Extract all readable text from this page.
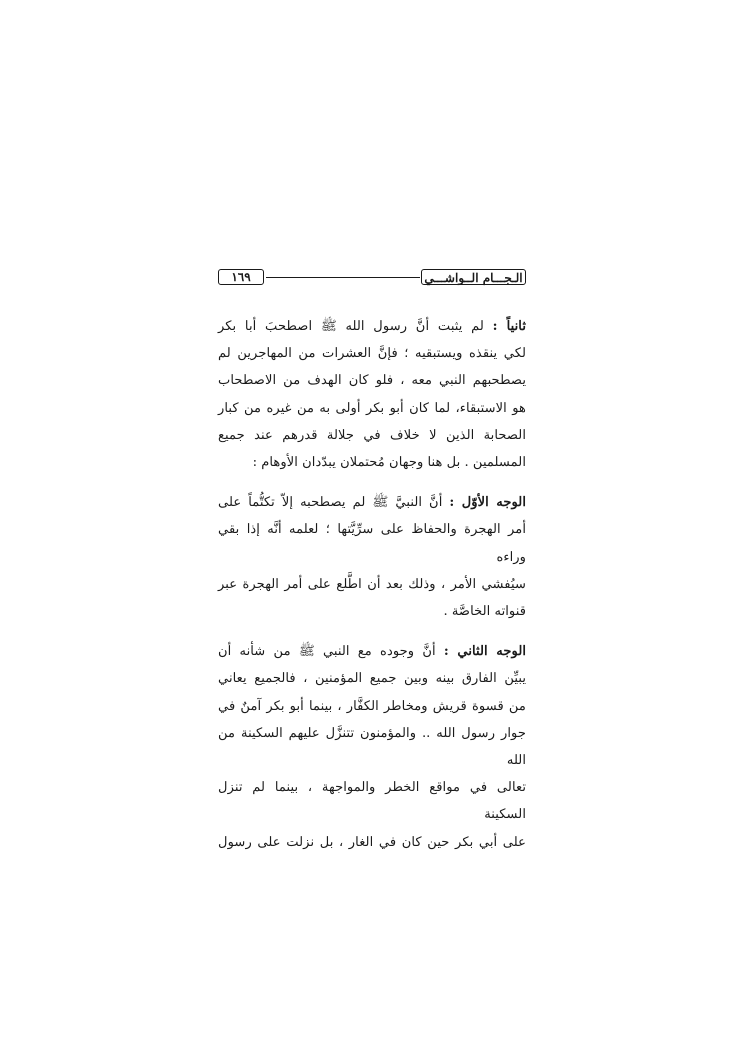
الـجـــام الــواشـــي
١٦٩

ثانياً : لم يثبت أنَّ رسول الله ﷺ اصطحبَ أبا بكر
لكي ينقذه ويستبقيه ؛ فإنَّ العشرات من المهاجرين لم
يصطحبهم النبي معه ، فلو كان الهدف من الاصطحاب
هو الاستبقاء، لما كان أبو بكر أولى به من غيره من كبار
الصحابة الذين لا خلاف في جلالة قدرهم عند جميع
المسلمين . بل هنا وجهان مُحتملان يبدّدان الأوهام :

الوجه الأوّل : أنَّ النبيَّ ﷺ لم يصطحبه إلاّ تكتُّماً على
أمر الهجرة والحفاظ على سرِّيَّتها ؛ لعلمه أنَّه إذا بقي وراءه
سيُفشي الأمر ، وذلك بعد أن اطَّلع على أمر الهجرة عبر
قنواته الخاصَّة .

الوجه الثاني : أنَّ وجوده مع النبي ﷺ من شأنه أن
يبيِّن الفارق بينه وبين جميع المؤمنين ، فالجميع يعاني
من قسوة قريش ومخاطر الكفَّار ، بينما أبو بكر آمنٌ في
جوار رسول الله .. والمؤمنون تتنزَّل عليهم السكينة من الله
تعالى في مواقع الخطر والمواجهة ، بينما لم تنزل السكينة
على أبي بكر حين كان في الغار ، بل نزلت على رسول
